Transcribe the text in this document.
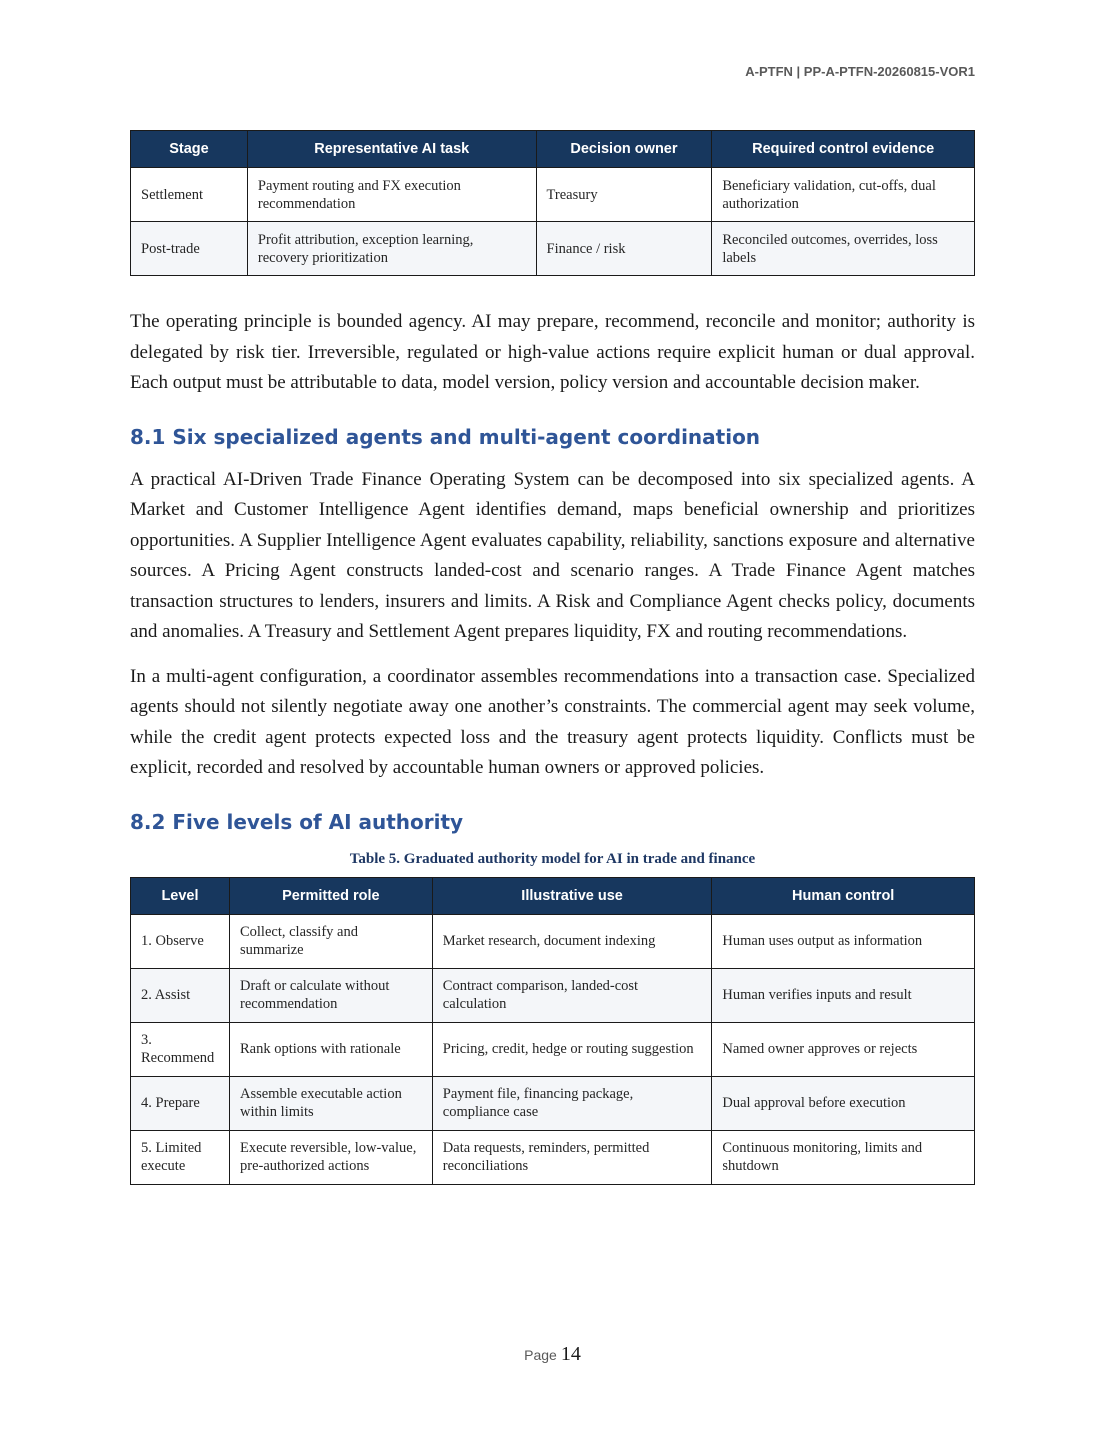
A-PTFN | PP-A-PTFN-20260815-VOR1
Stage	Representative AI task	Decision owner	Required control evidence
Settlement	Payment routing and FX execution recommendation	Treasury	Beneficiary validation, cut-offs, dual authorization
Post-trade	Profit attribution, exception learning, recovery prioritization	Finance / risk	Reconciled outcomes, overrides, loss labels

The operating principle is bounded agency. AI may prepare, recommend, reconcile and monitor; authority is delegated by risk tier. Irreversible, regulated or high-value actions require explicit human or dual approval. Each output must be attributable to data, model version, policy version and accountable decision maker.

8.1 Six specialized agents and multi-agent coordination

A practical AI-Driven Trade Finance Operating System can be decomposed into six specialized agents. A Market and Customer Intelligence Agent identifies demand, maps beneficial ownership and prioritizes opportunities. A Supplier Intelligence Agent evaluates capability, reliability, sanctions exposure and alternative sources. A Pricing Agent constructs landed-cost and scenario ranges. A Trade Finance Agent matches transaction structures to lenders, insurers and limits. A Risk and Compliance Agent checks policy, documents and anomalies. A Treasury and Settlement Agent prepares liquidity, FX and routing recommendations.

In a multi-agent configuration, a coordinator assembles recommendations into a transaction case. Specialized agents should not silently negotiate away one another’s constraints. The commercial agent may seek volume, while the credit agent protects expected loss and the treasury agent protects liquidity. Conflicts must be explicit, recorded and resolved by accountable human owners or approved policies.

8.2 Five levels of AI authority
Table 5. Graduated authority model for AI in trade and finance
Level	Permitted role	Illustrative use	Human control
1. Observe	Collect, classify and summarize	Market research, document indexing	Human uses output as information
2. Assist	Draft or calculate without recommendation	Contract comparison, landed-cost calculation	Human verifies inputs and result
3. Recommend	Rank options with rationale	Pricing, credit, hedge or routing suggestion	Named owner approves or rejects
4. Prepare	Assemble executable action within limits	Payment file, financing package, compliance case	Dual approval before execution
5. Limited execute	Execute reversible, low-value, pre-authorized actions	Data requests, reminders, permitted reconciliations	Continuous monitoring, limits and shutdown
Page 14
